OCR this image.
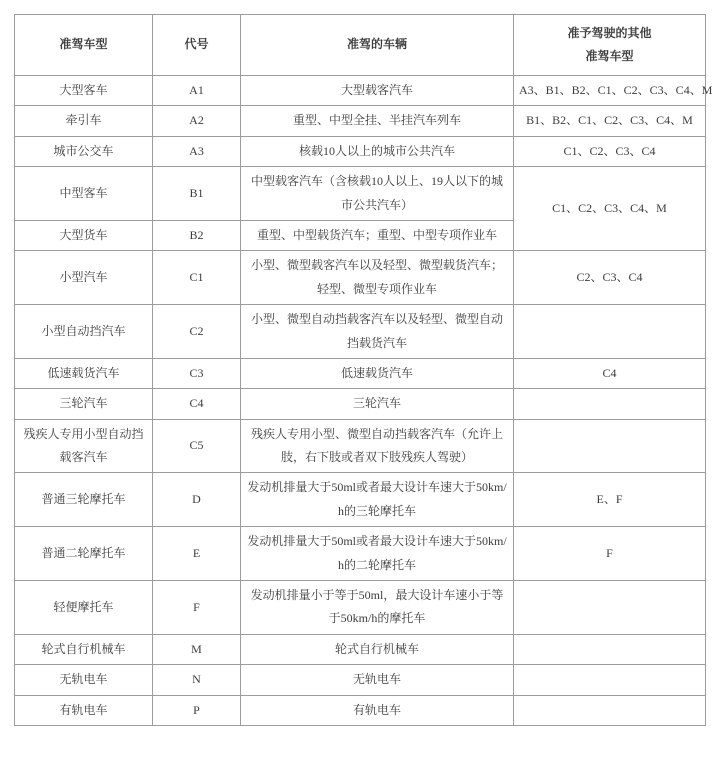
准驾车型	代号	准驾的车辆	准予驾驶的其他
准驾车型

大型客车	A1	大型载客汽车	A3、B1、B2、C1、C2、C3、C4、M
牵引车	A2	重型、中型全挂、半挂汽车列车	B1、B2、C1、C2、C3、C4、M
城市公交车	A3	核载10人以上的城市公共汽车	C1、C2、C3、C4
中型客车	B1	中型载客汽车（含核载10人以上、19人以下的城市公共汽车）	C1、C2、C3、C4、M
大型货车	B2	重型、中型载货汽车；重型、中型专项作业车	
小型汽车	C1	小型、微型载客汽车以及轻型、微型载货汽车；轻型、微型专项作业车	C2、C3、C4
小型自动挡汽车	C2	小型、微型自动挡载客汽车以及轻型、微型自动挡载货汽车	
低速载货汽车	C3	低速载货汽车	C4
三轮汽车	C4	三轮汽车	
残疾人专用小型自动挡载客汽车	C5	残疾人专用小型、微型自动挡载客汽车（允许上肢，右下肢或者双下肢残疾人驾驶）	
普通三轮摩托车	D	发动机排量大于50ml或者最大设计车速大于50km/h的三轮摩托车	E、F
普通二轮摩托车	E	发动机排量大于50ml或者最大设计车速大于50km/h的二轮摩托车	F
轻便摩托车	F	发动机排量小于等于50ml，最大设计车速小于等于50km/h的摩托车	
轮式自行机械车	M	轮式自行机械车	
无轨电车	N	无轨电车	
有轨电车	P	有轨电车	
